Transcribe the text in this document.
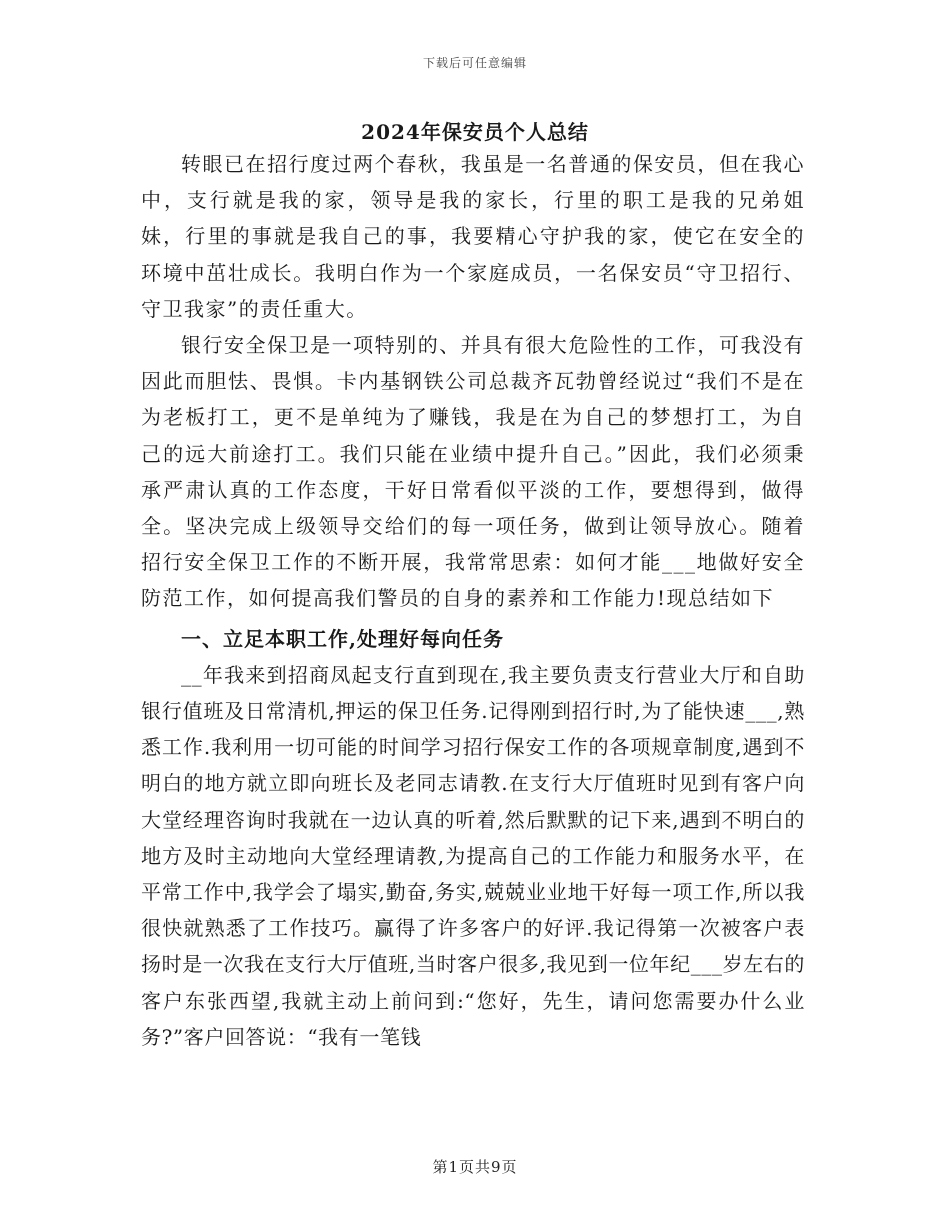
下载后可任意编辑
2024年保安员个人总结

转眼已在招行度过两个春秋，我虽是一名普通的保安员，但在我心中，支行就是我的家，领导是我的家长，行里的职工是我的兄弟姐妹，行里的事就是我自己的事，我要精心守护我的家，使它在安全的环境中茁壮成长。我明白作为一个家庭成员，一名保安员“守卫招行、守卫我家”的责任重大。

银行安全保卫是一项特别的、并具有很大危险性的工作，可我没有因此而胆怯、畏惧。卡内基钢铁公司总裁齐瓦勃曾经说过“我们不是在为老板打工，更不是单纯为了赚钱，我是在为自己的梦想打工，为自己的远大前途打工。我们只能在业绩中提升自己。”因此，我们必须秉承严肃认真的工作态度，干好日常看似平淡的工作，要想得到，做得全。坚决完成上级领导交给们的每一项任务，做到让领导放心。随着招行安全保卫工作的不断开展，我常常思索：如何才能___地做好安全防范工作，如何提高我们警员的自身的素养和工作能力!现总结如下

一、立足本职工作,处理好每向任务

__年我来到招商凤起支行直到现在,我主要负责支行营业大厅和自助银行值班及日常清机,押运的保卫任务.记得刚到招行时,为了能快速___,熟悉工作.我利用一切可能的时间学习招行保安工作的各项规章制度,遇到不明白的地方就立即向班长及老同志请教.在支行大厅值班时见到有客户向大堂经理咨询时我就在一边认真的听着,然后默默的记下来,遇到不明白的地方及时主动地向大堂经理请教,为提高自己的工作能力和服务水平，在平常工作中,我学会了塌实,勤奋,务实,兢兢业业地干好每一项工作,所以我很快就熟悉了工作技巧。赢得了许多客户的好评.我记得第一次被客户表扬时是一次我在支行大厅值班,当时客户很多,我见到一位年纪___岁左右的客户东张西望,我就主动上前问到:“您好，先生，请问您需要办什么业务?”客户回答说：“我有一笔钱

第1页共9页
